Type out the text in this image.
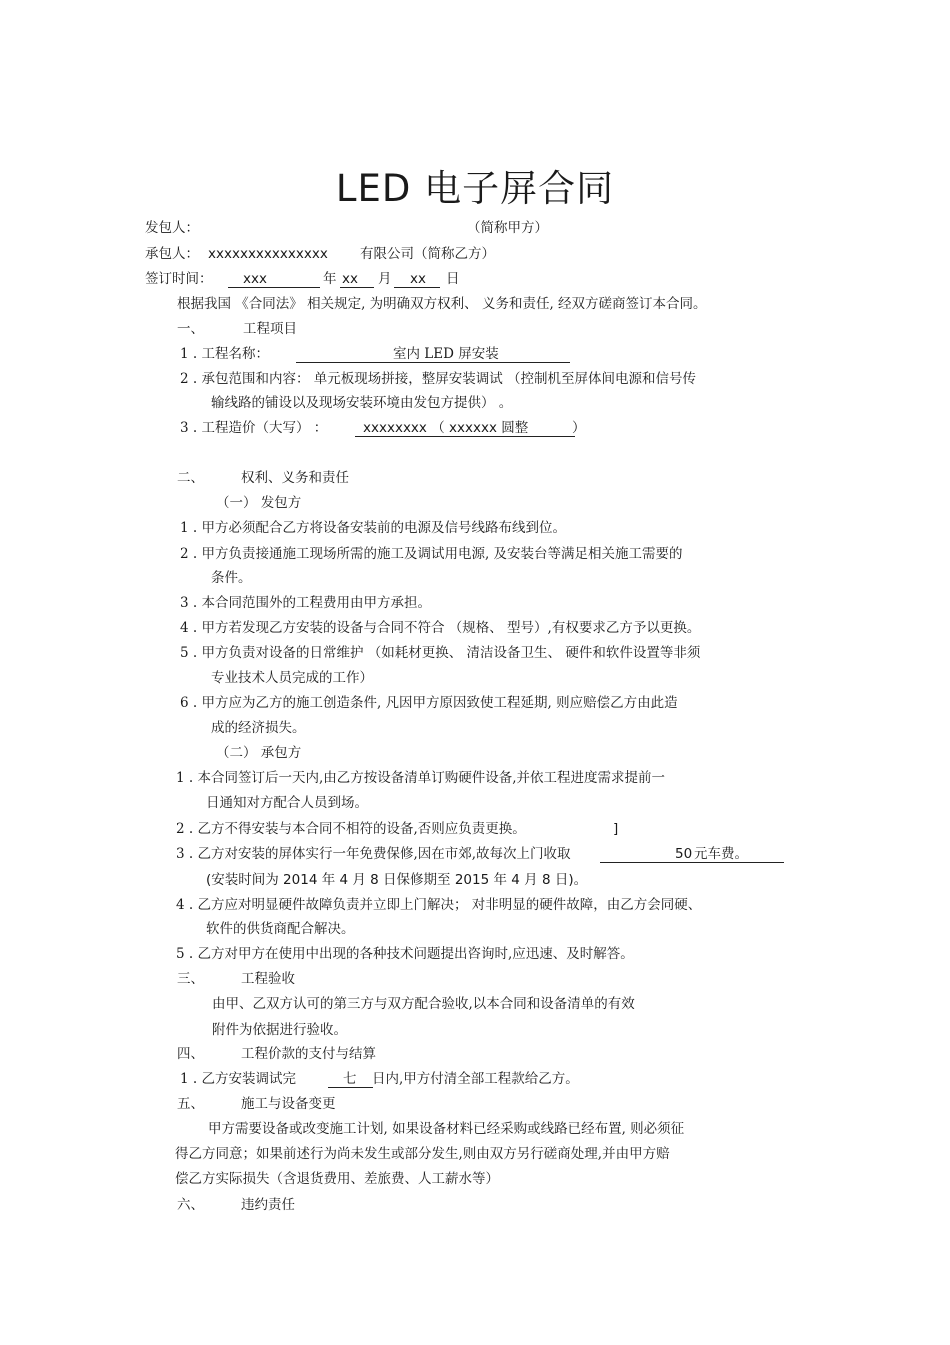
LED 电子屏合同
发包人：	（简称甲方）
承包人： xxxxxxxxxxxxxxx 有限公司（简称乙方）
签订时间： xxx	年 xx 月 xx 日
根据我国 《合同法》 相关规定, 为明确双方权利、 义务和责任, 经双方磋商签订本合同。
一、	工程项目
1 . 工程名称：	室内 LED 屏安装
2 . 承包范围和内容： 单元板现场拼接，整屏安装调试 （控制机至屏体间电源和信号传
输线路的铺设以及现场安装环境由发包方提供） 。
3 . 工程造价（大写） ：	xxxxxxxx （ xxxxxx 圆整	）
二、	权利、义务和责任
（一） 发包方
1 . 甲方必须配合乙方将设备安装前的电源及信号线路布线到位。
2 . 甲方负责接通施工现场所需的施工及调试用电源, 及安装台等满足相关施工需要的
条件。
3 . 本合同范围外的工程费用由甲方承担。
4 . 甲方若发现乙方安装的设备与合同不符合 （规格、 型号）,有权要求乙方予以更换。
5 . 甲方负责对设备的日常维护 （如耗材更换、 清洁设备卫生、 硬件和软件设置等非须
专业技术人员完成的工作）
6 . 甲方应为乙方的施工创造条件, 凡因甲方原因致使工程延期, 则应赔偿乙方由此造
成的经济损失。
（二） 承包方
1 . 本合同签订后一天内,由乙方按设备清单订购硬件设备,并依工程进度需求提前一
日通知对方配合人员到场。
2 . 乙方不得安装与本合同不相符的设备,否则应负责更换。	]
3 . 乙方对安装的屏体实行一年免费保修,因在市郊,故每次上门收取	50 元车费。
(安装时间为 2014 年 4 月 8 日保修期至 2015 年 4 月 8 日)。
4 . 乙方应对明显硬件故障负责并立即上门解决； 对非明显的硬件故障，由乙方会同硬、
软件的供货商配合解决。
5 . 乙方对甲方在使用中出现的各种技术问题提出咨询时,应迅速、及时解答。
三、	工程验收
由甲、乙双方认可的第三方与双方配合验收,以本合同和设备清单的有效
附件为依据进行验收。
四、	工程价款的支付与结算
1 . 乙方安装调试完	七 日内,甲方付清全部工程款给乙方。
五、	施工与设备变更
甲方需要设备或改变施工计划, 如果设备材料已经采购或线路已经布置, 则必须征
得乙方同意；如果前述行为尚未发生或部分发生,则由双方另行磋商处理,并由甲方赔
偿乙方实际损失（含退货费用、差旅费、人工薪水等）
六、	违约责任
